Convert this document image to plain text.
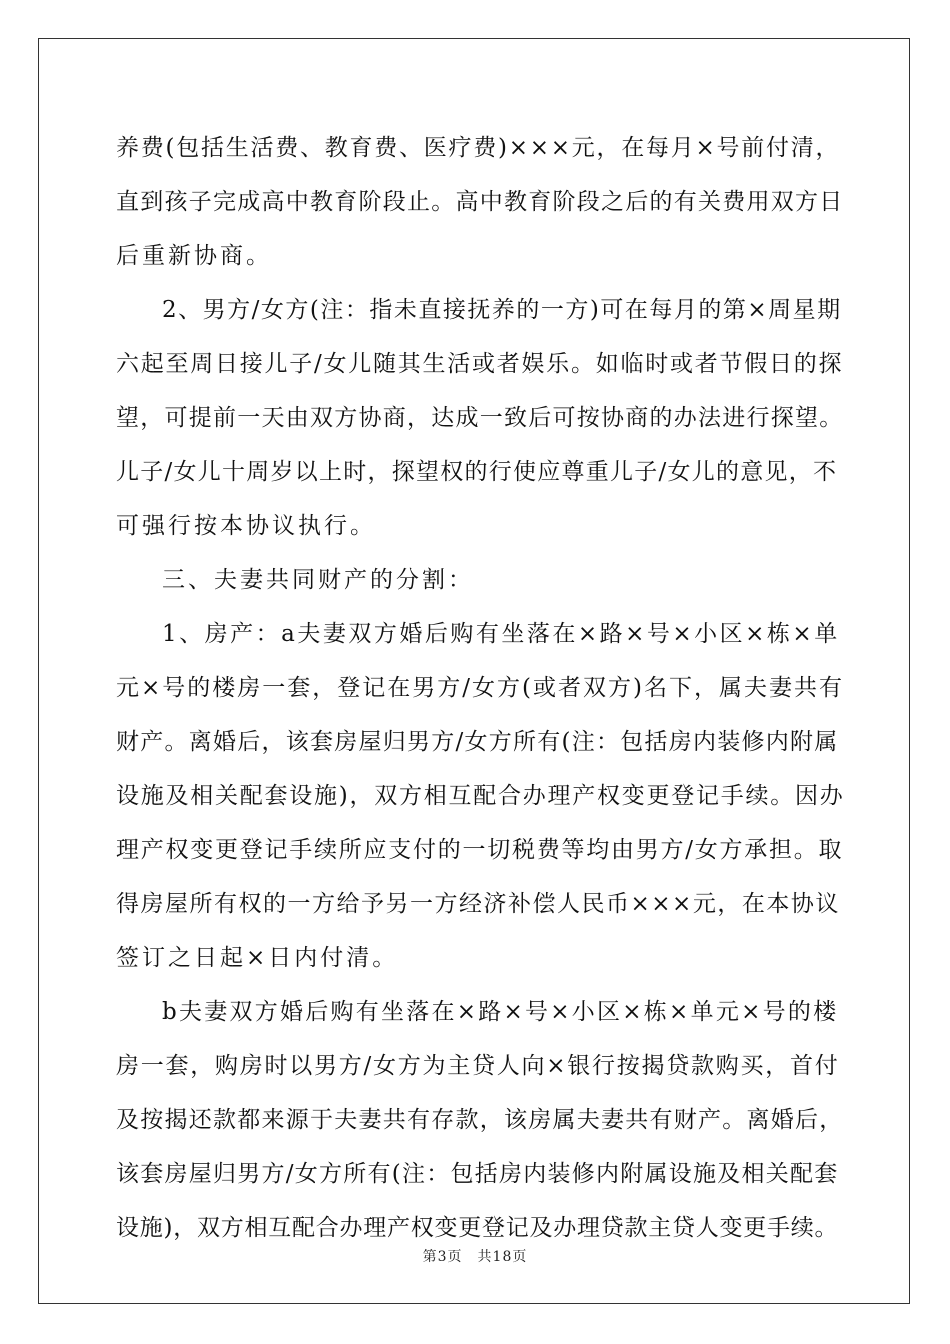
养费(包括生活费、教育费、医疗费)×××元，在每月×号前付清，
直到孩子完成高中教育阶段止。高中教育阶段之后的有关费用双方日
后重新协商。
2、男方/女方(注：指未直接抚养的一方)可在每月的第×周星期
六起至周日接儿子/女儿随其生活或者娱乐。如临时或者节假日的探
望，可提前一天由双方协商，达成一致后可按协商的办法进行探望。
儿子/女儿十周岁以上时，探望权的行使应尊重儿子/女儿的意见，不
可强行按本协议执行。
三、夫妻共同财产的分割：
1、房产：a夫妻双方婚后购有坐落在×路×号×小区×栋×单
元×号的楼房一套，登记在男方/女方(或者双方)名下，属夫妻共有
财产。离婚后，该套房屋归男方/女方所有(注：包括房内装修内附属
设施及相关配套设施)，双方相互配合办理产权变更登记手续。因办
理产权变更登记手续所应支付的一切税费等均由男方/女方承担。取
得房屋所有权的一方给予另一方经济补偿人民币×××元，在本协议
签订之日起×日内付清。
b夫妻双方婚后购有坐落在×路×号×小区×栋×单元×号的楼
房一套，购房时以男方/女方为主贷人向×银行按揭贷款购买，首付
及按揭还款都来源于夫妻共有存款，该房属夫妻共有财产。离婚后，
该套房屋归男方/女方所有(注：包括房内装修内附属设施及相关配套
设施)，双方相互配合办理产权变更登记及办理贷款主贷人变更手续。
第3页　共18页
